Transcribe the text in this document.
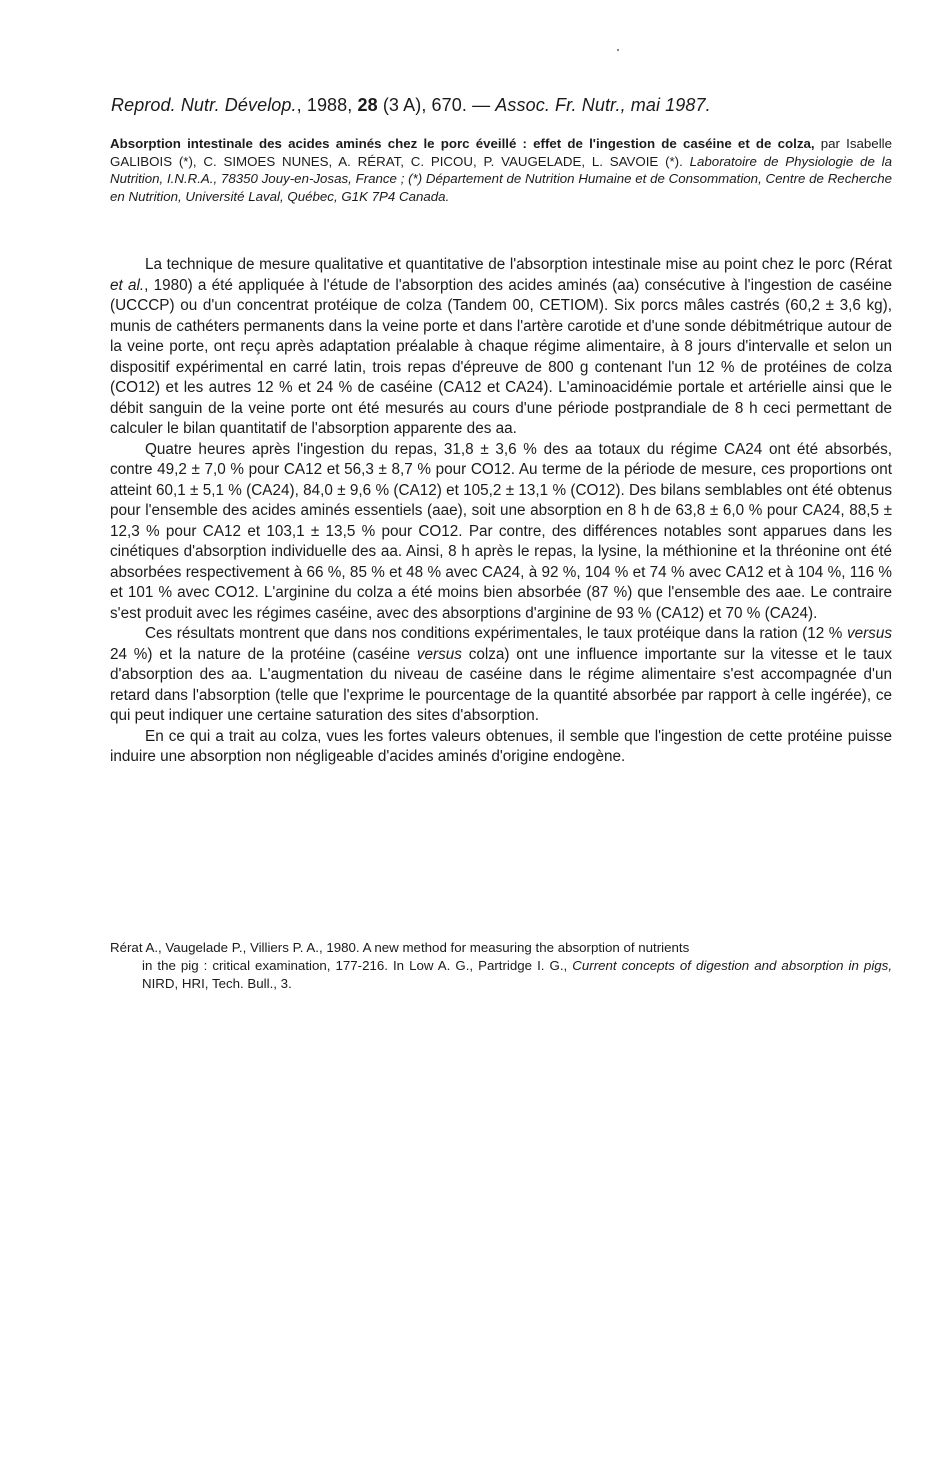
Reprod. Nutr. Dévelop., 1988, 28 (3 A), 670. — Assoc. Fr. Nutr., mai 1987.
Absorption intestinale des acides aminés chez le porc éveillé : effet de l'ingestion de caséine et de colza, par Isabelle GALIBOIS (*), C. SIMOES NUNES, A. RÉRAT, C. PICOU, P. VAUGELADE, L. SAVOIE (*). Laboratoire de Physiologie de la Nutrition, I.N.R.A., 78350 Jouy-en-Josas, France ; (*) Département de Nutrition Humaine et de Consommation, Centre de Recherche en Nutrition, Université Laval, Québec, G1K 7P4 Canada.

La technique de mesure qualitative et quantitative de l'absorption intestinale mise au point chez le porc (Rérat et al., 1980) a été appliquée à l'étude de l'absorption des acides aminés (aa) consécutive à l'ingestion de caséine (UCCCP) ou d'un concentrat protéique de colza (Tandem 00, CETIOM). Six porcs mâles castrés (60,2 ± 3,6 kg), munis de cathéters permanents dans la veine porte et dans l'artère carotide et d'une sonde débitmétrique autour de la veine porte, ont reçu après adaptation préalable à chaque régime alimentaire, à 8 jours d'intervalle et selon un dispositif expérimental en carré latin, trois repas d'épreuve de 800 g contenant l'un 12 % de protéines de colza (CO12) et les autres 12 % et 24 % de caséine (CA12 et CA24). L'aminoacidémie portale et artérielle ainsi que le débit sanguin de la veine porte ont été mesurés au cours d'une période postprandiale de 8 h ceci permettant de calculer le bilan quantitatif de l'absorption apparente des aa.

Quatre heures après l'ingestion du repas, 31,8 ± 3,6 % des aa totaux du régime CA24 ont été absorbés, contre 49,2 ± 7,0 % pour CA12 et 56,3 ± 8,7 % pour CO12. Au terme de la période de mesure, ces proportions ont atteint 60,1 ± 5,1 % (CA24), 84,0 ± 9,6 % (CA12) et 105,2 ± 13,1 % (CO12). Des bilans semblables ont été obtenus pour l'ensemble des acides aminés essentiels (aae), soit une absorption en 8 h de 63,8 ± 6,0 % pour CA24, 88,5 ± 12,3 % pour CA12 et 103,1 ± 13,5 % pour CO12. Par contre, des différences notables sont apparues dans les cinétiques d'absorption individuelle des aa. Ainsi, 8 h après le repas, la lysine, la méthionine et la thréonine ont été absorbées respectivement à 66 %, 85 % et 48 % avec CA24, à 92 %, 104 % et 74 % avec CA12 et à 104 %, 116 % et 101 % avec CO12. L'arginine du colza a été moins bien absorbée (87 %) que l'ensemble des aae. Le contraire s'est produit avec les régimes caséine, avec des absorptions d'arginine de 93 % (CA12) et 70 % (CA24).

Ces résultats montrent que dans nos conditions expérimentales, le taux protéique dans la ration (12 % versus 24 %) et la nature de la protéine (caséine versus colza) ont une influence importante sur la vitesse et le taux d'absorption des aa. L'augmentation du niveau de caséine dans le régime alimentaire s'est accompagnée d'un retard dans l'absorption (telle que l'exprime le pourcentage de la quantité absorbée par rapport à celle ingérée), ce qui peut indiquer une certaine saturation des sites d'absorption.

En ce qui a trait au colza, vues les fortes valeurs obtenues, il semble que l'ingestion de cette protéine puisse induire une absorption non négligeable d'acides aminés d'origine endogène.

Rérat A., Vaugelade P., Villiers P. A., 1980. A new method for measuring the absorption of nutrients
in the pig : critical examination, 177-216. In Low A. G., Partridge I. G., Current concepts of digestion and absorption in pigs, NIRD, HRI, Tech. Bull., 3.
